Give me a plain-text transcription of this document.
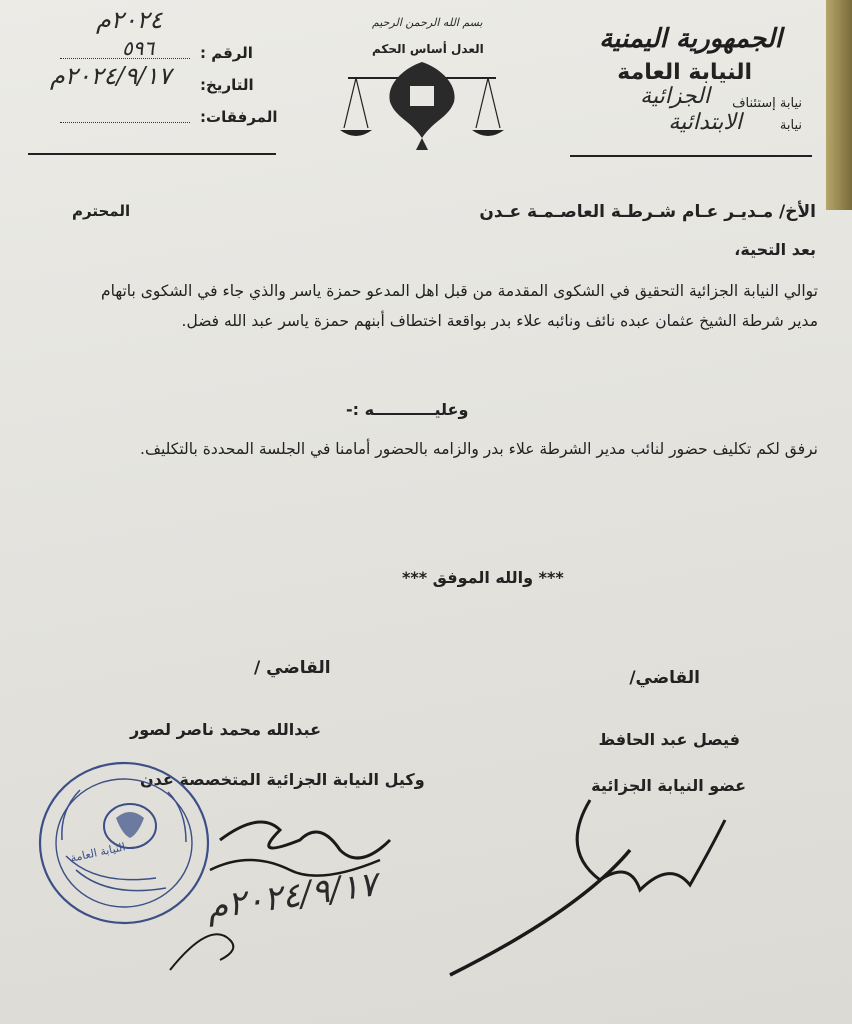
الجمهورية اليمنية
النيابة العامة
نيابة إستئناف
الجزائية
نيابة
الابتدائية
بسم الله الرحمن الرحيم
العدل أساس الحكم
٢٠٢٤م
الرقم :
٥٩٦
التاريخ:
٢٠٢٤/٩/١٧م
المرفقات:
الأخ/ مـديـر عـام شـرطـة العاصـمـة عـدن
المحترم
بعد التحية،
توالي النيابة الجزائية التحقيق في الشكوى المقدمة من قبل اهل المدعو حمزة ياسر والذي جاء في الشكوى باتهام
مدير شرطة الشيخ عثمان عبده نائف ونائبه علاء بدر بواقعة اختطاف أبنهم حمزة ياسر عبد الله فضل.
وعليـــــــــــه :-
نرفق لكم تكليف حضور لنائب مدير الشرطة علاء بدر والزامه بالحضور أمامنا في الجلسة المحددة بالتكليف.
*** والله الموفق ***
القاضي/
فيصل عبد الحافظ
عضو النيابة الجزائية
القاضي /
عبدالله محمد ناصر لصور
وكيل النيابة الجزائية المتخصصة عدن
النيابة العامة
٢٠٢٤/٩/١٧م
